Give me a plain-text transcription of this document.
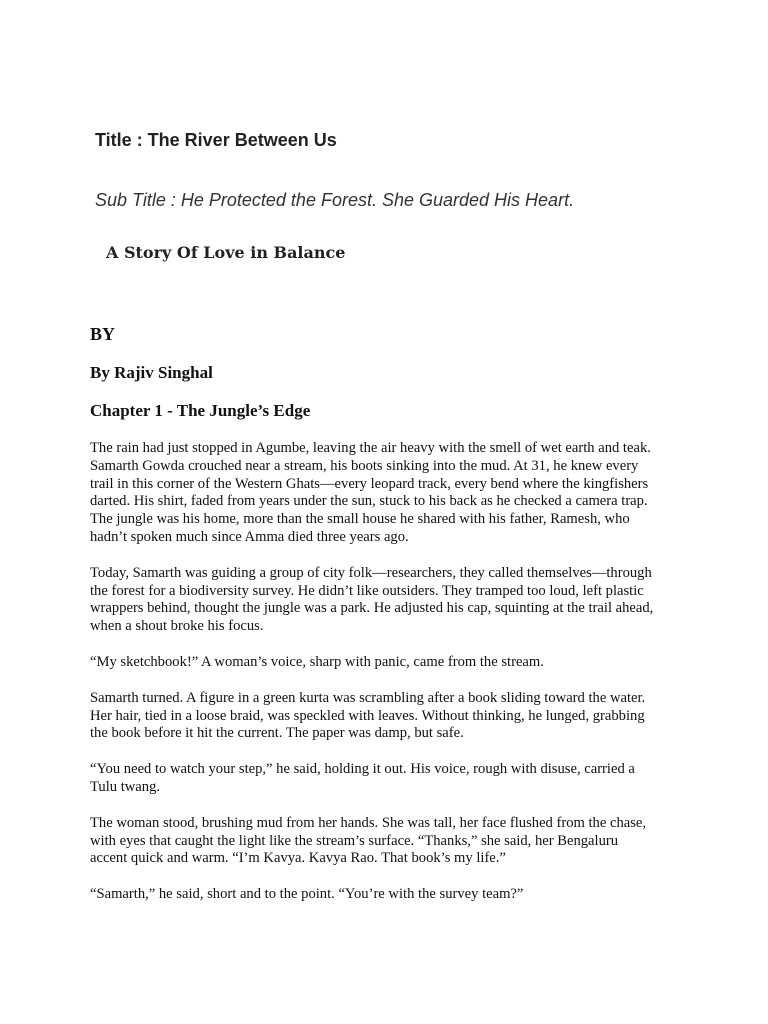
Title : The River Between Us
Sub Title : He Protected the Forest. She Guarded His Heart.
A Story Of Love in Balance
BY
By Rajiv Singhal
Chapter 1 - The Jungle’s Edge

The rain had just stopped in Agumbe, leaving the air heavy with the smell of wet earth and teak.
Samarth Gowda crouched near a stream, his boots sinking into the mud. At 31, he knew every
trail in this corner of the Western Ghats—every leopard track, every bend where the kingfishers
darted. His shirt, faded from years under the sun, stuck to his back as he checked a camera trap.
The jungle was his home, more than the small house he shared with his father, Ramesh, who
hadn’t spoken much since Amma died three years ago.

Today, Samarth was guiding a group of city folk—researchers, they called themselves—through
the forest for a biodiversity survey. He didn’t like outsiders. They tramped too loud, left plastic
wrappers behind, thought the jungle was a park. He adjusted his cap, squinting at the trail ahead,
when a shout broke his focus.

“My sketchbook!” A woman’s voice, sharp with panic, came from the stream.

Samarth turned. A figure in a green kurta was scrambling after a book sliding toward the water.
Her hair, tied in a loose braid, was speckled with leaves. Without thinking, he lunged, grabbing
the book before it hit the current. The paper was damp, but safe.

“You need to watch your step,” he said, holding it out. His voice, rough with disuse, carried a
Tulu twang.

The woman stood, brushing mud from her hands. She was tall, her face flushed from the chase,
with eyes that caught the light like the stream’s surface. “Thanks,” she said, her Bengaluru
accent quick and warm. “I’m Kavya. Kavya Rao. That book’s my life.”

“Samarth,” he said, short and to the point. “You’re with the survey team?”
